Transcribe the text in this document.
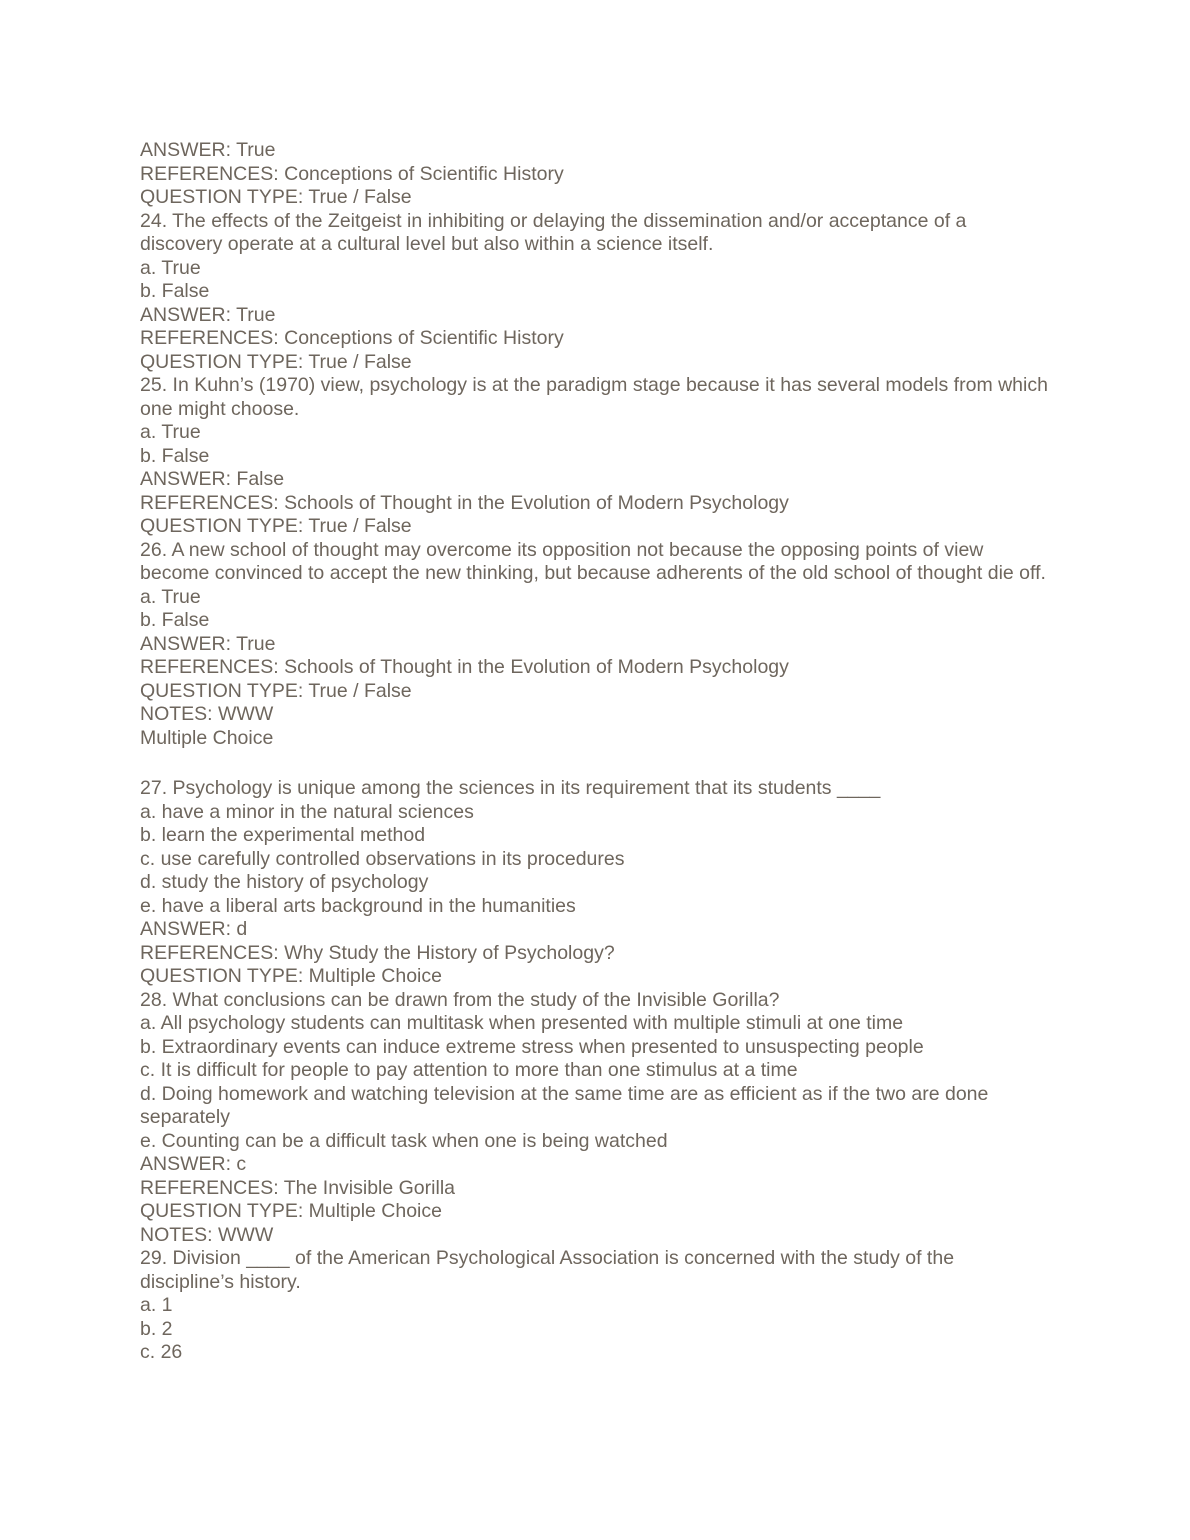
ANSWER: True
REFERENCES: Conceptions of Scientific History
QUESTION TYPE: True / False
24. The effects of the Zeitgeist in inhibiting or delaying the dissemination and/or acceptance of a discovery operate at a cultural level but also within a science itself.
a. True
b. False
ANSWER: True
REFERENCES: Conceptions of Scientific History
QUESTION TYPE: True / False
25. In Kuhn’s (1970) view, psychology is at the paradigm stage because it has several models from which one might choose.
a. True
b. False
ANSWER: False
REFERENCES: Schools of Thought in the Evolution of Modern Psychology
QUESTION TYPE: True / False
26. A new school of thought may overcome its opposition not because the opposing points of view become convinced to accept the new thinking, but because adherents of the old school of thought die off.
a. True
b. False
ANSWER: True
REFERENCES: Schools of Thought in the Evolution of Modern Psychology
QUESTION TYPE: True / False
NOTES: WWW
Multiple Choice
27. Psychology is unique among the sciences in its requirement that its students ____
a. have a minor in the natural sciences
b. learn the experimental method
c. use carefully controlled observations in its procedures
d. study the history of psychology
e. have a liberal arts background in the humanities
ANSWER: d
REFERENCES: Why Study the History of Psychology?
QUESTION TYPE: Multiple Choice
28. What conclusions can be drawn from the study of the Invisible Gorilla?
a. All psychology students can multitask when presented with multiple stimuli at one time
b. Extraordinary events can induce extreme stress when presented to unsuspecting people
c. It is difficult for people to pay attention to more than one stimulus at a time
d. Doing homework and watching television at the same time are as efficient as if the two are done separately
e. Counting can be a difficult task when one is being watched
ANSWER: c
REFERENCES: The Invisible Gorilla
QUESTION TYPE: Multiple Choice
NOTES: WWW
29. Division ____ of the American Psychological Association is concerned with the study of the discipline’s history.
a. 1
b. 2
c. 26
